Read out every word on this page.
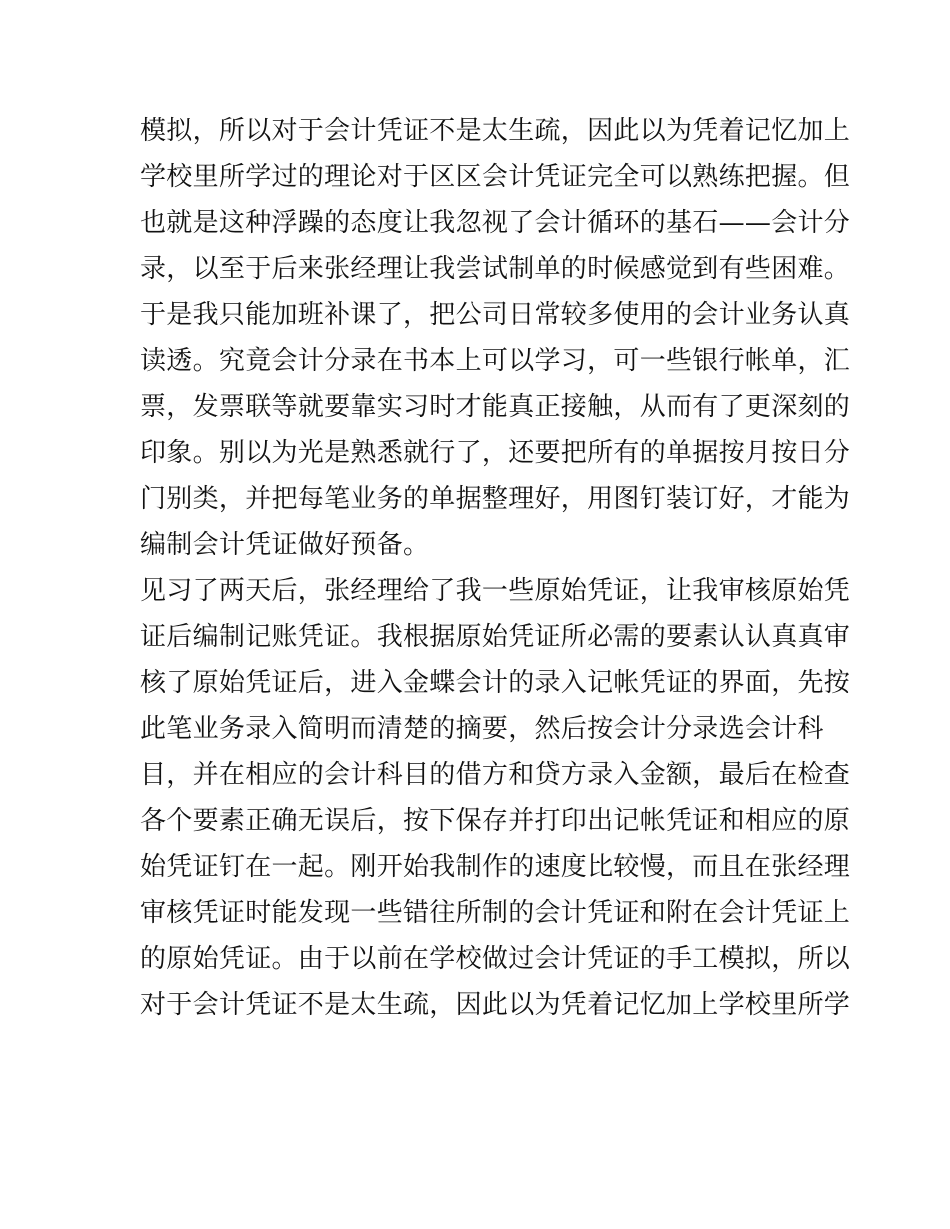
模拟，所以对于会计凭证不是太生疏，因此以为凭着记忆加上
学校里所学过的理论对于区区会计凭证完全可以熟练把握。但
也就是这种浮躁的态度让我忽视了会计循环的基石——会计分
录，以至于后来张经理让我尝试制单的时候感觉到有些困难。
于是我只能加班补课了，把公司日常较多使用的会计业务认真
读透。究竟会计分录在书本上可以学习，可一些银行帐单，汇
票，发票联等就要靠实习时才能真正接触，从而有了更深刻的
印象。别以为光是熟悉就行了，还要把所有的单据按月按日分
门别类，并把每笔业务的单据整理好，用图钉装订好，才能为
编制会计凭证做好预备。
见习了两天后，张经理给了我一些原始凭证，让我审核原始凭
证后编制记账凭证。我根据原始凭证所必需的要素认认真真审
核了原始凭证后，进入金蝶会计的录入记帐凭证的界面，先按
此笔业务录入简明而清楚的摘要，然后按会计分录选会计科
目，并在相应的会计科目的借方和贷方录入金额，最后在检查
各个要素正确无误后，按下保存并打印出记帐凭证和相应的原
始凭证钉在一起。刚开始我制作的速度比较慢，而且在张经理
审核凭证时能发现一些错往所制的会计凭证和附在会计凭证上
的原始凭证。由于以前在学校做过会计凭证的手工模拟，所以
对于会计凭证不是太生疏，因此以为凭着记忆加上学校里所学
